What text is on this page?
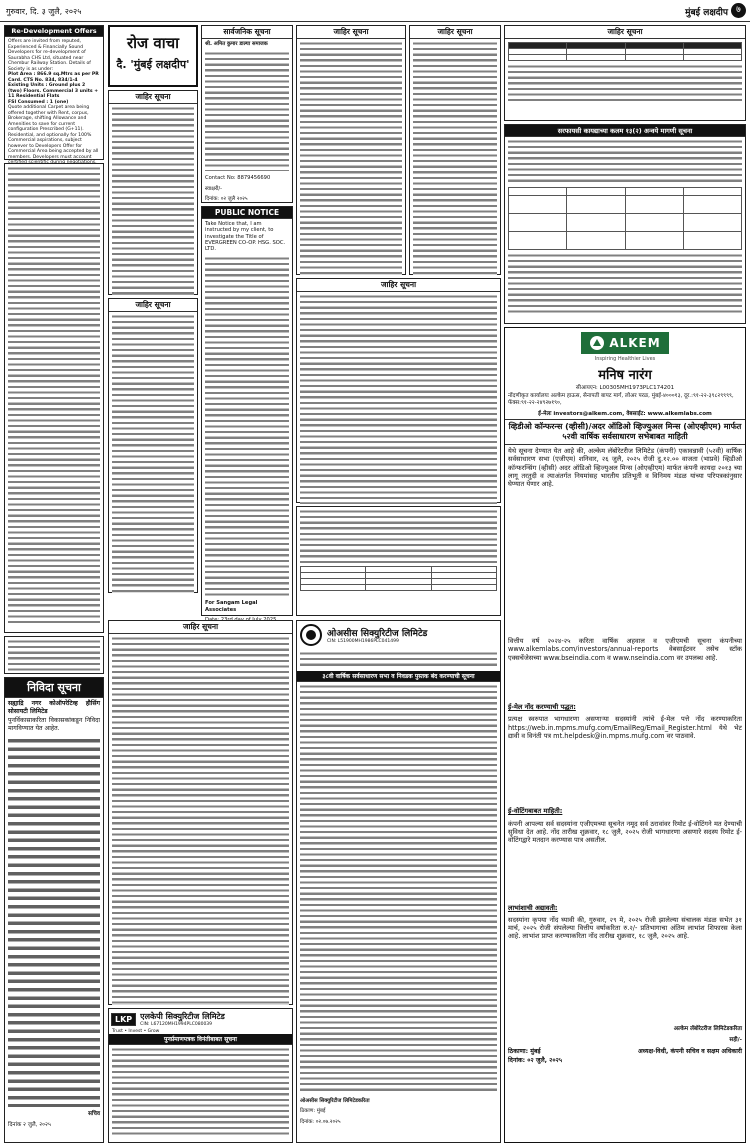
गुरुवार, दि. ३ जुलै, २०२५	मुंबई लक्षदीप ७
Re-Development Offers
Offers are invited from reputed, Experienced & Financially Sound Developers for re-development of Saurabha CHS Ltd, situated near Chembur Railway Station. Details of Society is as under:
Plot Area : 866.9 sq.Mtrs as per PR Card. CTS No. 834, 834/1-4
Existing Units : Ground plus 2 (two) Floors. Commercial 3 units + 11 Residential Flats
FSI Consumed : 1 (one)
Quote additional Carpet area being offered together with Rent, corpus, Brokerage, shifting Allowance and Amenities to save for current configuration Prescribed (G+11). Residential, and optionally for 100% Commercial aspirations, subject however to Developers Offer for Commercial Area being accepted by all members. Developers must account
निविदा सूचना
सह्याद्रि नगर कोऑपरेटिव्ह हौसिंग सोसायटी लिमिटेड
पुनर्विकासाकरिता विकासकांकडून निविदा मागविण्यात येत आहेत.
सचिव
दिनांक २ जुलै, २०२५
रोज वाचा
दै. 'मुंबई लक्षदीप'
जाहिर सूचना
जाहिर सूचना
सार्वजनिक सूचना
श्री. अमित कुमार डाल्या समाजक
Contact No: 8879456690
स्वाक्षरी/-
दिनांक: ०२ जुलै २०२५
PUBLIC NOTICE
Take Notice that, I am instructed by my client, to investigate the Title of EVERGREEN CO-OP. HSG. SOC. LTD.
For Sangam Legal Associates
जाहिर सूचना	जाहिर सूचना
जाहिर सूचना

जाहिर सूचना
LKP	एलकेपी सिक्युरिटीज लिमिटेड
CIN: L67120MH1994PLC080039
Trust • Invest • Grow
पुनर्प्रमाणपत्रक विनंतीबाबत सूचना
ओअसीस सिक्युरिटीज लिमिटेड
CIN: L51900MH1986PLC041499
३८वी वार्षिक सर्वसाधारण सभा व निवडक पुस्तक बंद करण्याची सूचना
ओअसीस सिक्युरिटीज लिमिटेडकरिता
ठिकाण: मुंबई
दिनांक: ०२.०७.२०२५
जाहिर सूचना

सरफायसी कायद्याच्या कलम १३(२) अन्वये मागणी सूचना

ALKEM
Inspiring Healthier Lives
मनिष नारंग
सीआयएन: L00305MH1973PLC174201
नोंदणीकृत कार्यालयः अल्केम हाऊस, सेनापती बापट मार्ग, लोअर परळ, मुंबई-४०००१३, दूर.:९१-२२-३९८२९९९९, फॅक्स:९१-२२-२४९२७१९०,
ई-मेलः investors@alkem.com, वेबसाईट: www.alkemlabs.com
व्हिडीओ कॉन्फरन्स (व्हीसी)/अदर ऑडिओ व्हिज्युअल मिन्स (ओएव्हीएम) मार्फत ५२वी वार्षिक सर्वसाधारण सभेबाबत माहिती
येथे सूचना देण्यात येत आहे की, अल्केम लॅबोरेटरीज लिमिटेड (कंपनी) एकावन्नावी (५२वी) वार्षिक सर्वसाधारण सभा (एजीएम) शनिवार, २६ जुलै, २०२५ रोजी दु.१२.०० वाजता (भाप्रवे) व्हिडीओ कॉन्फरन्सिंग (व्हीसी) अदर ऑडिओ व्हिज्युअल मिन्स (ओएव्हीएम) मार्फत कंपनी कायदा २०१३ च्या लागू तरतुदी व त्याअंतर्गत नियमांसह भारतीय प्रतिभूती व विनिमय मंडळ यांच्या परिपत्रकांनुसार घेण्यात येणार आहे.
वित्तीय वर्ष २०२४-२५ करिता वार्षिक अहवाल व एजीएमची सूचना कंपनीच्या www.alkemlabs.com/investors/annual-reports वेबसाईटवर तसेच स्टॉक एक्सचेंजेसच्या www.bseindia.com व www.nseindia.com वर उपलब्ध आहे.
ई-मेल नोंद करण्याची पद्धत:
प्रत्यक्ष स्वरुपात भागधारणा असणाऱ्या सदस्यांनी त्यांचे ई-मेल पत्ते नोंद करण्याकरिता https://web.in.mpms.mufg.com/EmailReg/Email_Register.html येथे भेट द्यावी व विनंती पत्र mt.helpdesk@in.mpms.mufg.com वर पाठवावे.
ई-वोटिंगबाबत माहिती:
कंपनी आपल्या सर्व सदस्यांना एजीएमच्या सूचनेत नमूद सर्व ठरावांवर रिमोट ई-वोटिंगने मत देण्याची सुविधा देत आहे. नोंद तारीख शुक्रवार, १८ जुलै, २०२५ रोजी भागधारणा असणारे सदस्य रिमोट ई-वोटिंगद्वारे मतदान करण्यास पात्र असतील.
लाभांशाची अद्यावती:
सदस्यांना कृपया नोंद घ्यावी की, गुरुवार, २९ मे, २०२५ रोजी झालेल्या संचालक मंडळ सभेत ३१ मार्च, २०२५ रोजी संपलेल्या वित्तीय वर्षाकरिता रु.२/- प्रतिभागाचा अंतिम लाभांश शिफारस केला आहे. लाभांश प्राप्त करण्याकरिता नोंद तारीख शुक्रवार, १८ जुलै, २०२५ आहे.
अल्केम लॅबोरेटरीज लिमिटेडकरिता
सही/-
ठिकाणा: मुंबई
दिनांक: ०२ जुलै, २०२५
अध्यक्ष-विधी, कंपनी सचिव व सक्षम अधिकारी
